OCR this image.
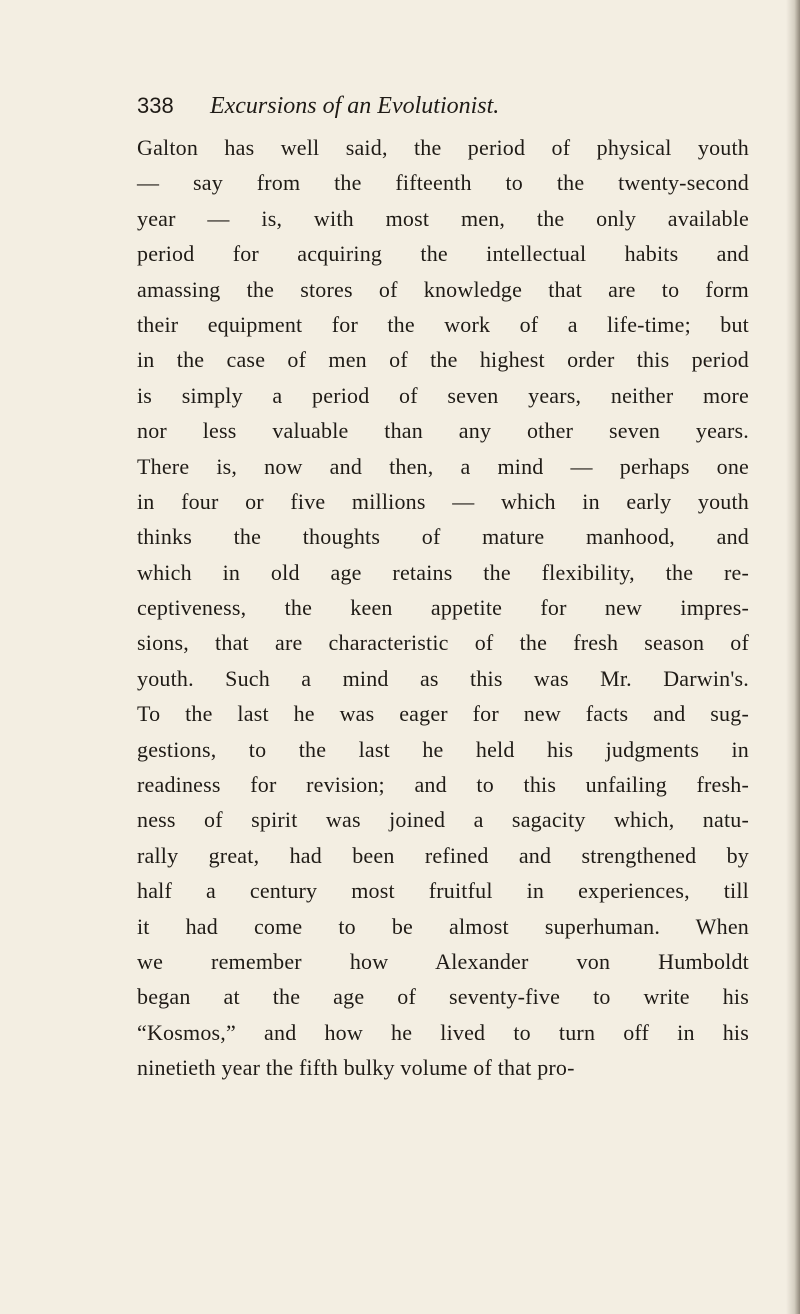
338 Excursions of an Evolutionist.
Galton has well said, the period of physical youth
— say from the fifteenth to the twenty-second
year — is, with most men, the only available
period for acquiring the intellectual habits and
amassing the stores of knowledge that are to form
their equipment for the work of a life-time; but
in the case of men of the highest order this period
is simply a period of seven years, neither more
nor less valuable than any other seven years.
There is, now and then, a mind — perhaps one
in four or five millions — which in early youth
thinks the thoughts of mature manhood, and
which in old age retains the flexibility, the re-
ceptiveness, the keen appetite for new impres-
sions, that are characteristic of the fresh season of
youth. Such a mind as this was Mr. Darwin's.
To the last he was eager for new facts and sug-
gestions, to the last he held his judgments in
readiness for revision; and to this unfailing fresh-
ness of spirit was joined a sagacity which, natu-
rally great, had been refined and strengthened by
half a century most fruitful in experiences, till
it had come to be almost superhuman. When
we remember how Alexander von Humboldt
began at the age of seventy-five to write his
“Kosmos,” and how he lived to turn off in his
ninetieth year the fifth bulky volume of that pro-
